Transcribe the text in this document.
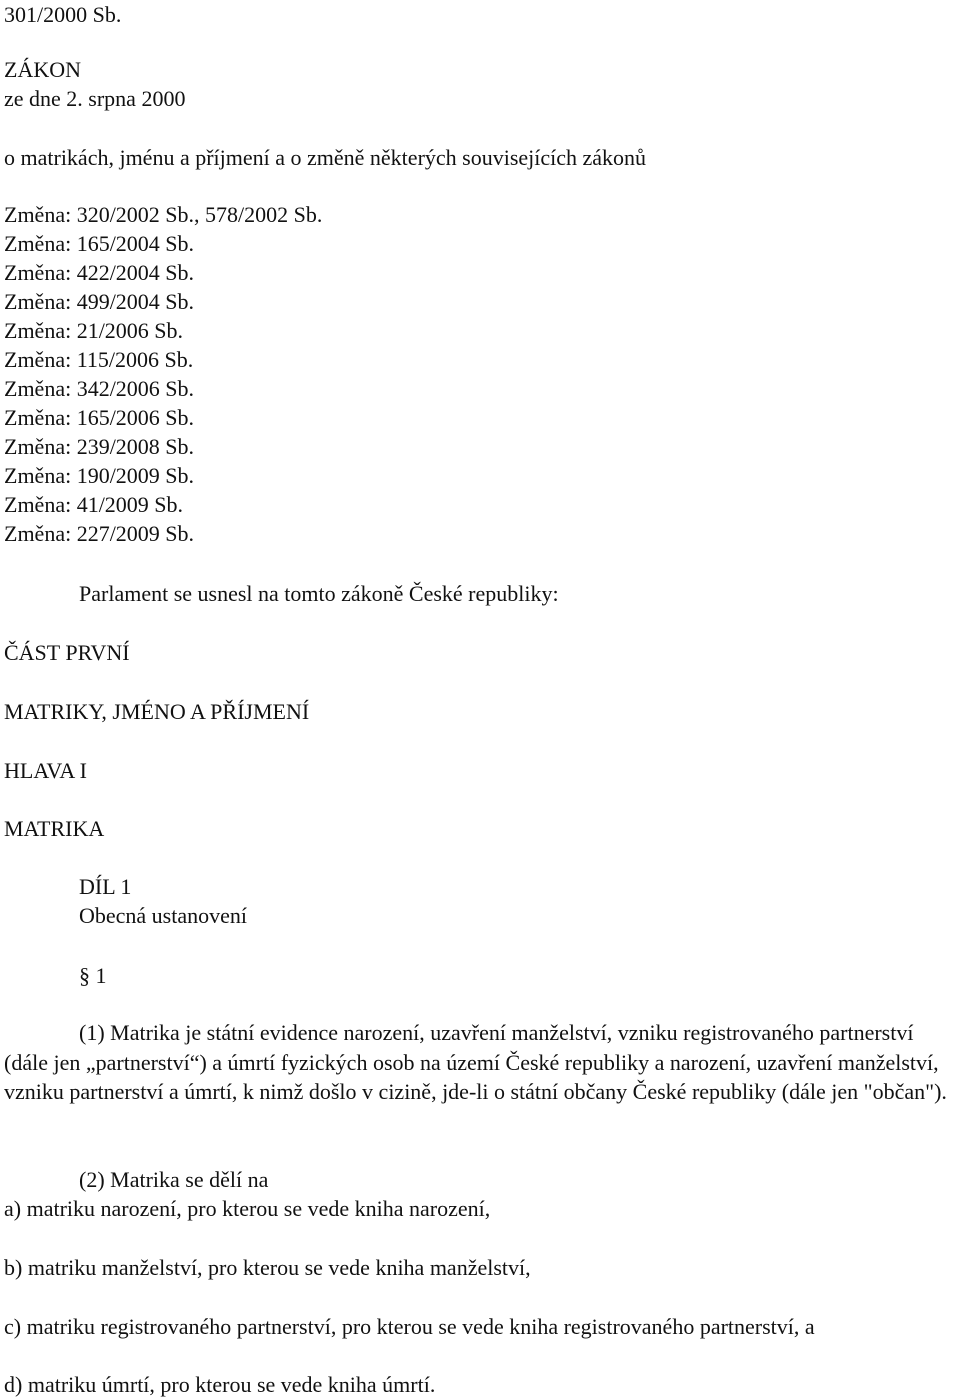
301/2000 Sb.
ZÁKON
ze dne 2. srpna 2000
o matrikách, jménu a příjmení a o změně některých souvisejících zákonů
Změna: 320/2002 Sb., 578/2002 Sb.
Změna: 165/2004 Sb.
Změna: 422/2004 Sb.
Změna: 499/2004 Sb.
Změna: 21/2006 Sb.
Změna: 115/2006 Sb.
Změna: 342/2006 Sb.
Změna: 165/2006 Sb.
Změna: 239/2008 Sb.
Změna: 190/2009 Sb.
Změna: 41/2009 Sb.
Změna: 227/2009 Sb.
Parlament se usnesl na tomto zákoně České republiky:
ČÁST PRVNÍ
MATRIKY, JMÉNO A PŘÍJMENÍ
HLAVA I
MATRIKA
DÍL 1
Obecná ustanovení
§ 1
(1) Matrika je státní evidence narození, uzavření manželství, vzniku registrovaného partnerství (dále jen „partnerství“) a úmrtí fyzických osob na území České republiky a narození, uzavření manželství, vzniku partnerství a úmrtí, k nimž došlo v cizině, jde-li o státní občany České republiky (dále jen "občan").
(2) Matrika se dělí na
a) matriku narození, pro kterou se vede kniha narození,
b) matriku manželství, pro kterou se vede kniha manželství,
c) matriku registrovaného partnerství, pro kterou se vede kniha registrovaného partnerství, a
d) matriku úmrtí, pro kterou se vede kniha úmrtí.
